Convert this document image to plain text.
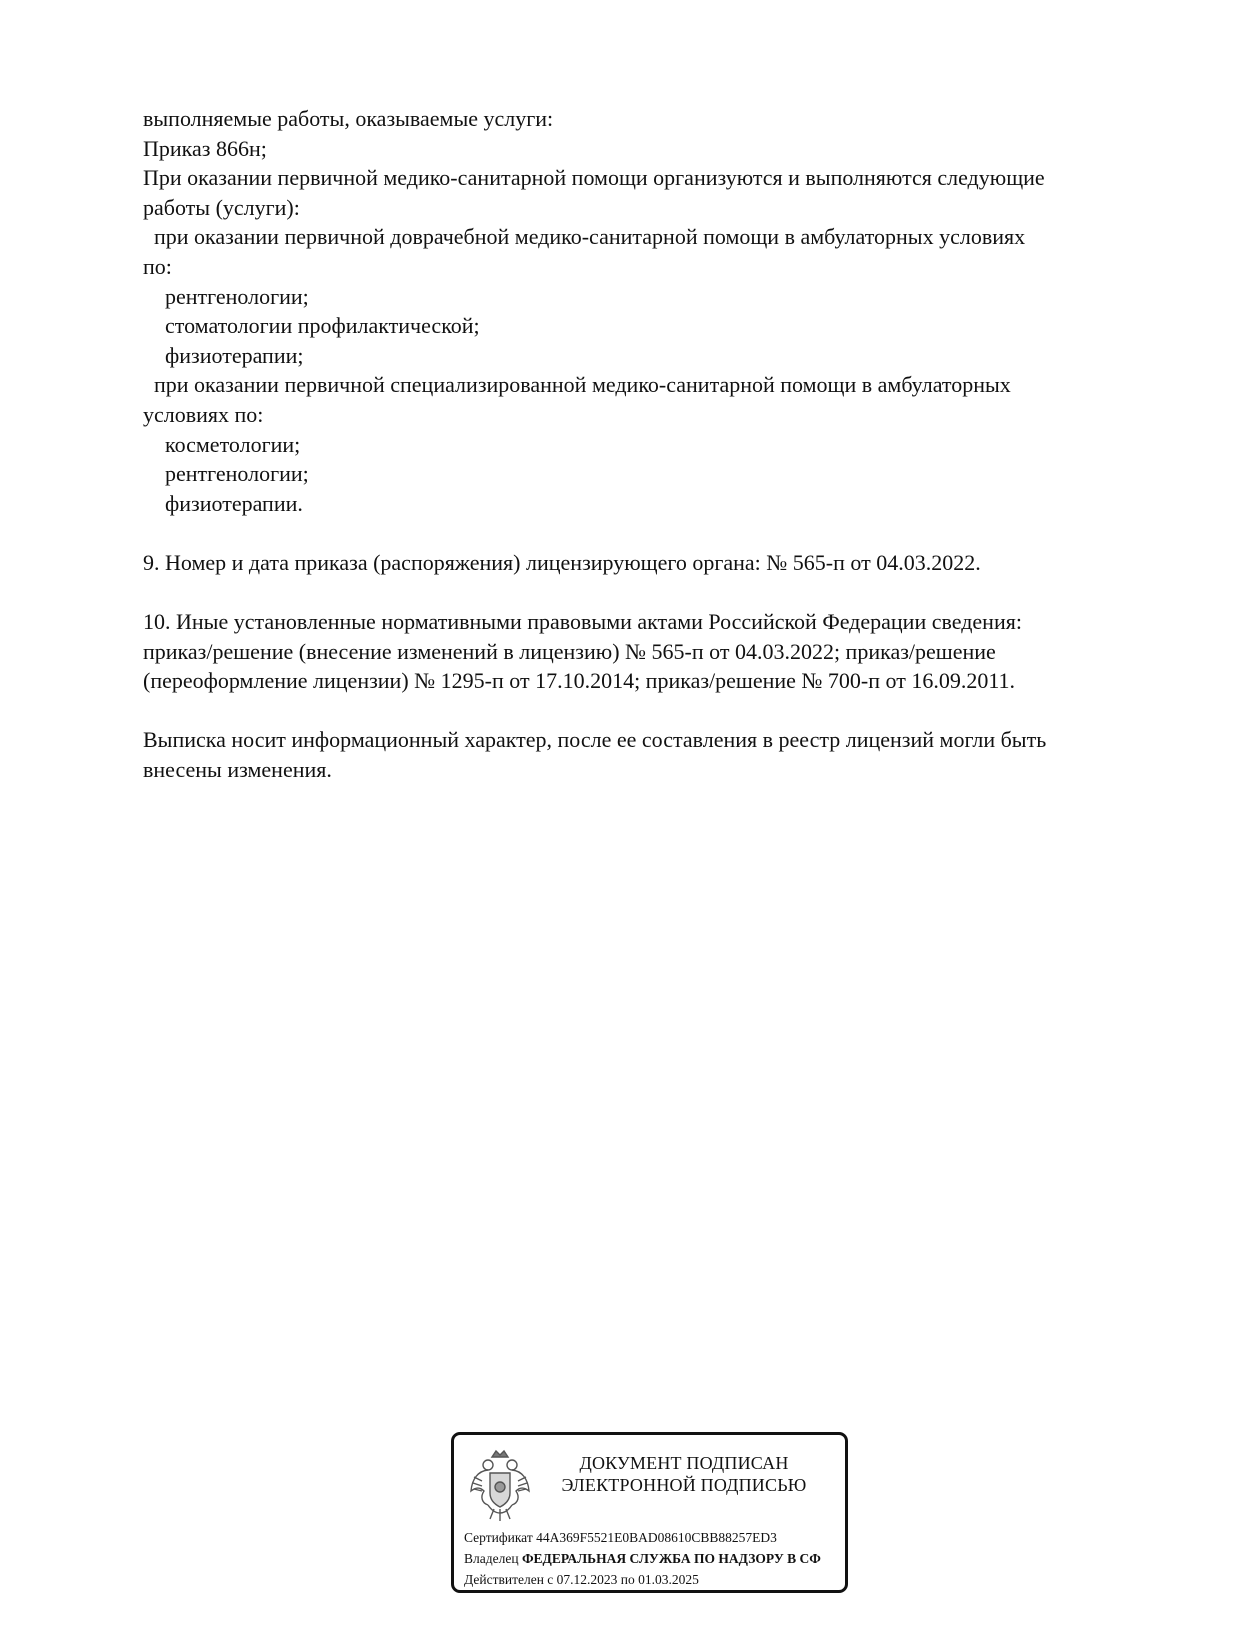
выполняемые работы, оказываемые услуги:

Приказ 866н;

При оказании первичной медико-санитарной помощи организуются и выполняются следующие

работы (услуги):

при оказании первичной доврачебной медико-санитарной помощи в амбулаторных условиях

по:

рентгенологии;

стоматологии профилактической;

физиотерапии;

при оказании первичной специализированной медико-санитарной помощи в амбулаторных

условиях по:

косметологии;

рентгенологии;

физиотерапии.

9. Номер и дата приказа (распоряжения) лицензирующего органа: № 565-п от 04.03.2022.

10. Иные установленные нормативными правовыми актами Российской Федерации сведения:

приказ/решение (внесение изменений в лицензию) № 565-п от 04.03.2022; приказ/решение

(переоформление лицензии) № 1295-п от 17.10.2014; приказ/решение № 700-п от 16.09.2011.

Выписка носит информационный характер, после ее составления в реестр лицензий могли быть

внесены изменения.

ДОКУМЕНТ ПОДПИСАН
ЭЛЕКТРОННОЙ ПОДПИСЬЮ
Сертификат 44A369F5521E0BAD08610CBB88257ED3
Владелец ФЕДЕРАЛЬНАЯ СЛУЖБА ПО НАДЗОРУ В СФ
Действителен с 07.12.2023 по 01.03.2025
